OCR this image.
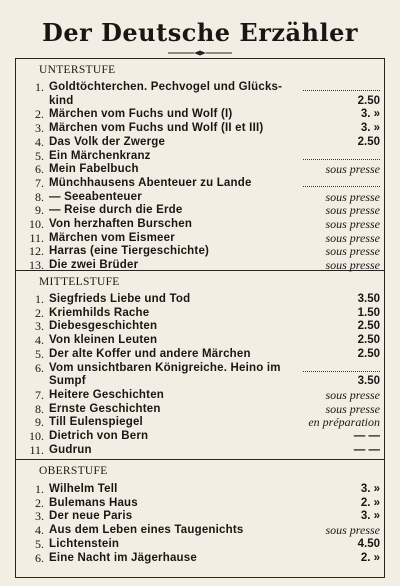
Der Deutsche Erzähler
UNTERSTUFE
1. Goldtöchterchen. Pechvogel und Glücks-
kind	2.50
2. Märchen vom Fuchs und Wolf (I)	3. »
3. Märchen vom Fuchs und Wolf (II et III)	3. »
4. Das Volk der Zwerge	2.50
5. Ein Märchenkranz
6. Mein Fabelbuch	sous presse
7. Münchhausens Abenteuer zu Lande
8. — Seeabenteuer	sous presse
9. — Reise durch die Erde	sous presse
10. Von herzhaften Burschen	sous presse
11. Märchen vom Eismeer	sous presse
12. Harras (eine Tiergeschichte)	sous presse
13. Die zwei Brüder	sous presse
MITTELSTUFE
1. Siegfrieds Liebe und Tod	3.50
2. Kriemhilds Rache	1.50
3. Diebesgeschichten	2.50
4. Von kleinen Leuten	2.50
5. Der alte Koffer und andere Märchen	2.50
6. Vom unsichtbaren Königreiche. Heino im
Sumpf	3.50
7. Heitere Geschichten	sous presse
8. Ernste Geschichten	sous presse
9. Till Eulenspiegel	en préparation
10. Dietrich von Bern	— —
11. Gudrun	— —
OBERSTUFE
1. Wilhelm Tell	3. »
2. Bulemans Haus	2. »
3. Der neue Paris	3. »
4. Aus dem Leben eines Taugenichts	sous presse
5. Lichtenstein	4.50
6. Eine Nacht im Jägerhause	2. »
